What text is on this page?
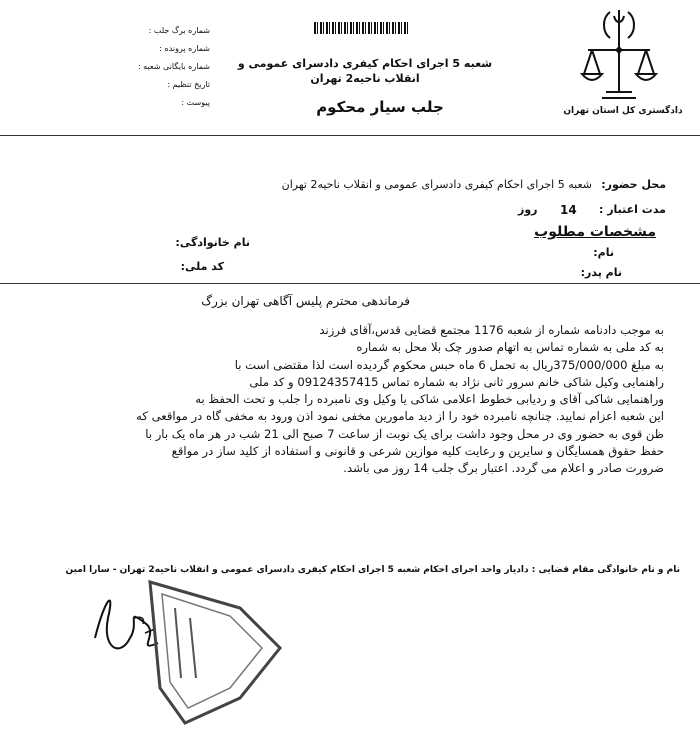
شماره برگ جلب :
شماره پرونده :
شماره بایگانی شعبه :
تاریخ تنظیم :
پیوست :
شعبه 5 اجرای احکام کیفری دادسرای عمومی و انقلاب ناحیه2 تهران
جلب سیار محکوم	دادگستری کل استان تهران
محل حضور:
شعبه 5 اجرای احکام کیفری دادسرای عمومی و انقلاب ناحیه2 تهران
مدت اعتبار :
14
روز
مشخصات مطلوب
نام:
نام پدر:
نام خانوادگی:
کد ملی:
فرماندهی محترم پلیس آگاهی تهران بزرگ
به موجب دادنامه شماره از شعبه 1176 مجتمع قضایی قدس،آقای فرزند
به کد ملی به شماره تماس به اتهام صدور چک بلا محل به شماره
به مبلغ 375/000/000ریال به تحمل 6 ماه حبس محکوم گردیده است لذا مقتضی است با
راهنمایی وکیل شاکی خانم سرور ثانی نژاد به شماره تماس 09124357415 و کد ملی
وراهنمایی شاکی آقای و ردیابی خطوط اعلامی شاکی یا وکیل وی نامبرده را جلب و تحت الحفظ به
این شعبه اعزام نمایید. چنانچه نامبرده خود را از دید مامورین مخفی نمود اذن ورود به مخفی گاه در مواقعی که
ظن قوی به حضور وی در محل وجود داشت برای یک نوبت از ساعت 7 صبح الی 21 شب در هر ماه یک بار با
حفظ حقوق همسایگان و سایرین و رعایت کلیه موازین شرعی و قانونی و استفاده از کلید ساز در مواقع
ضرورت صادر و اعلام می گردد. اعتبار برگ جلب 14 روز می باشد.
نام و نام خانوادگی مقام قضایی : دادیار واحد اجرای احکام شعبه 5 اجرای احکام کیفری دادسرای عمومی و انقلاب ناحیه2 تهران - سارا امین
